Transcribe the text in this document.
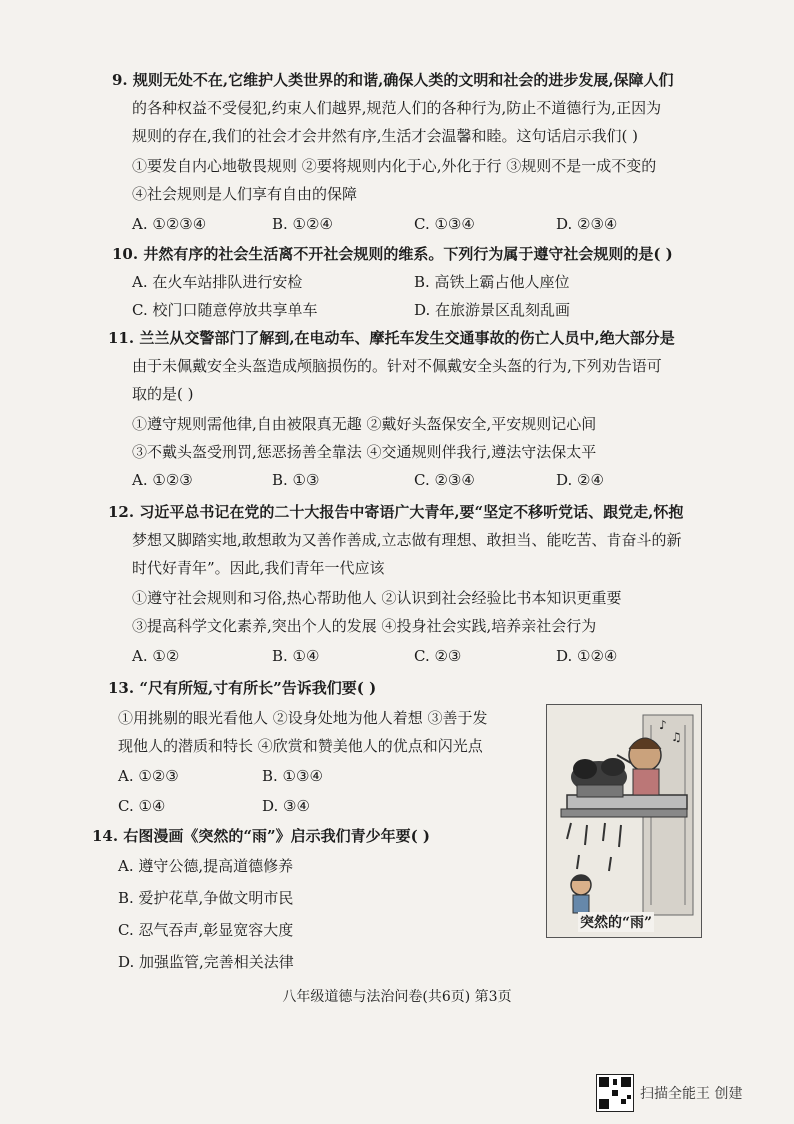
9. 规则无处不在,它维护人类世界的和谐,确保人类的文明和社会的进步发展,保障人们
的各种权益不受侵犯,约束人们越界,规范人们的各种行为,防止不道德行为,正因为
规则的存在,我们的社会才会井然有序,生活才会温馨和睦。这句话启示我们( )
①要发自内心地敬畏规则 ②要将规则内化于心,外化于行 ③规则不是一成不变的
④社会规则是人们享有自由的保障
A. ①②③④	B. ①②④	C. ①③④	D. ②③④
10. 井然有序的社会生活离不开社会规则的维系。下列行为属于遵守社会规则的是( )
A. 在火车站排队进行安检	B. 高铁上霸占他人座位
C. 校门口随意停放共享单车	D. 在旅游景区乱刻乱画
11. 兰兰从交警部门了解到,在电动车、摩托车发生交通事故的伤亡人员中,绝大部分是
由于未佩戴安全头盔造成颅脑损伤的。针对不佩戴安全头盔的行为,下列劝告语可
取的是( )
①遵守规则需他律,自由被限真无趣 ②戴好头盔保安全,平安规则记心间
③不戴头盔受刑罚,惩恶扬善全靠法 ④交通规则伴我行,遵法守法保太平
A. ①②③	B. ①③	C. ②③④	D. ②④
12. 习近平总书记在党的二十大报告中寄语广大青年,要“坚定不移听党话、跟党走,怀抱
梦想又脚踏实地,敢想敢为又善作善成,立志做有理想、敢担当、能吃苦、肯奋斗的新
时代好青年”。因此,我们青年一代应该
①遵守社会规则和习俗,热心帮助他人 ②认识到社会经验比书本知识更重要
③提高科学文化素养,突出个人的发展 ④投身社会实践,培养亲社会行为
A. ①②	B. ①④	C. ②③	D. ①②④
13. “尺有所短,寸有所长”告诉我们要( )
①用挑剔的眼光看他人 ②设身处地为他人着想 ③善于发
现他人的潜质和特长 ④欣赏和赞美他人的优点和闪光点
A. ①②③	B. ①③④
C. ①④	D. ③④
14. 右图漫画《突然的“雨”》启示我们青少年要( )
A. 遵守公德,提高道德修养
B. 爱护花草,争做文明市民
C. 忍气吞声,彰显宽容大度
D. 加强监管,完善相关法律
♪
♫
突然的“雨”
八年级道德与法治问卷(共6页) 第3页
扫描全能王 创建
